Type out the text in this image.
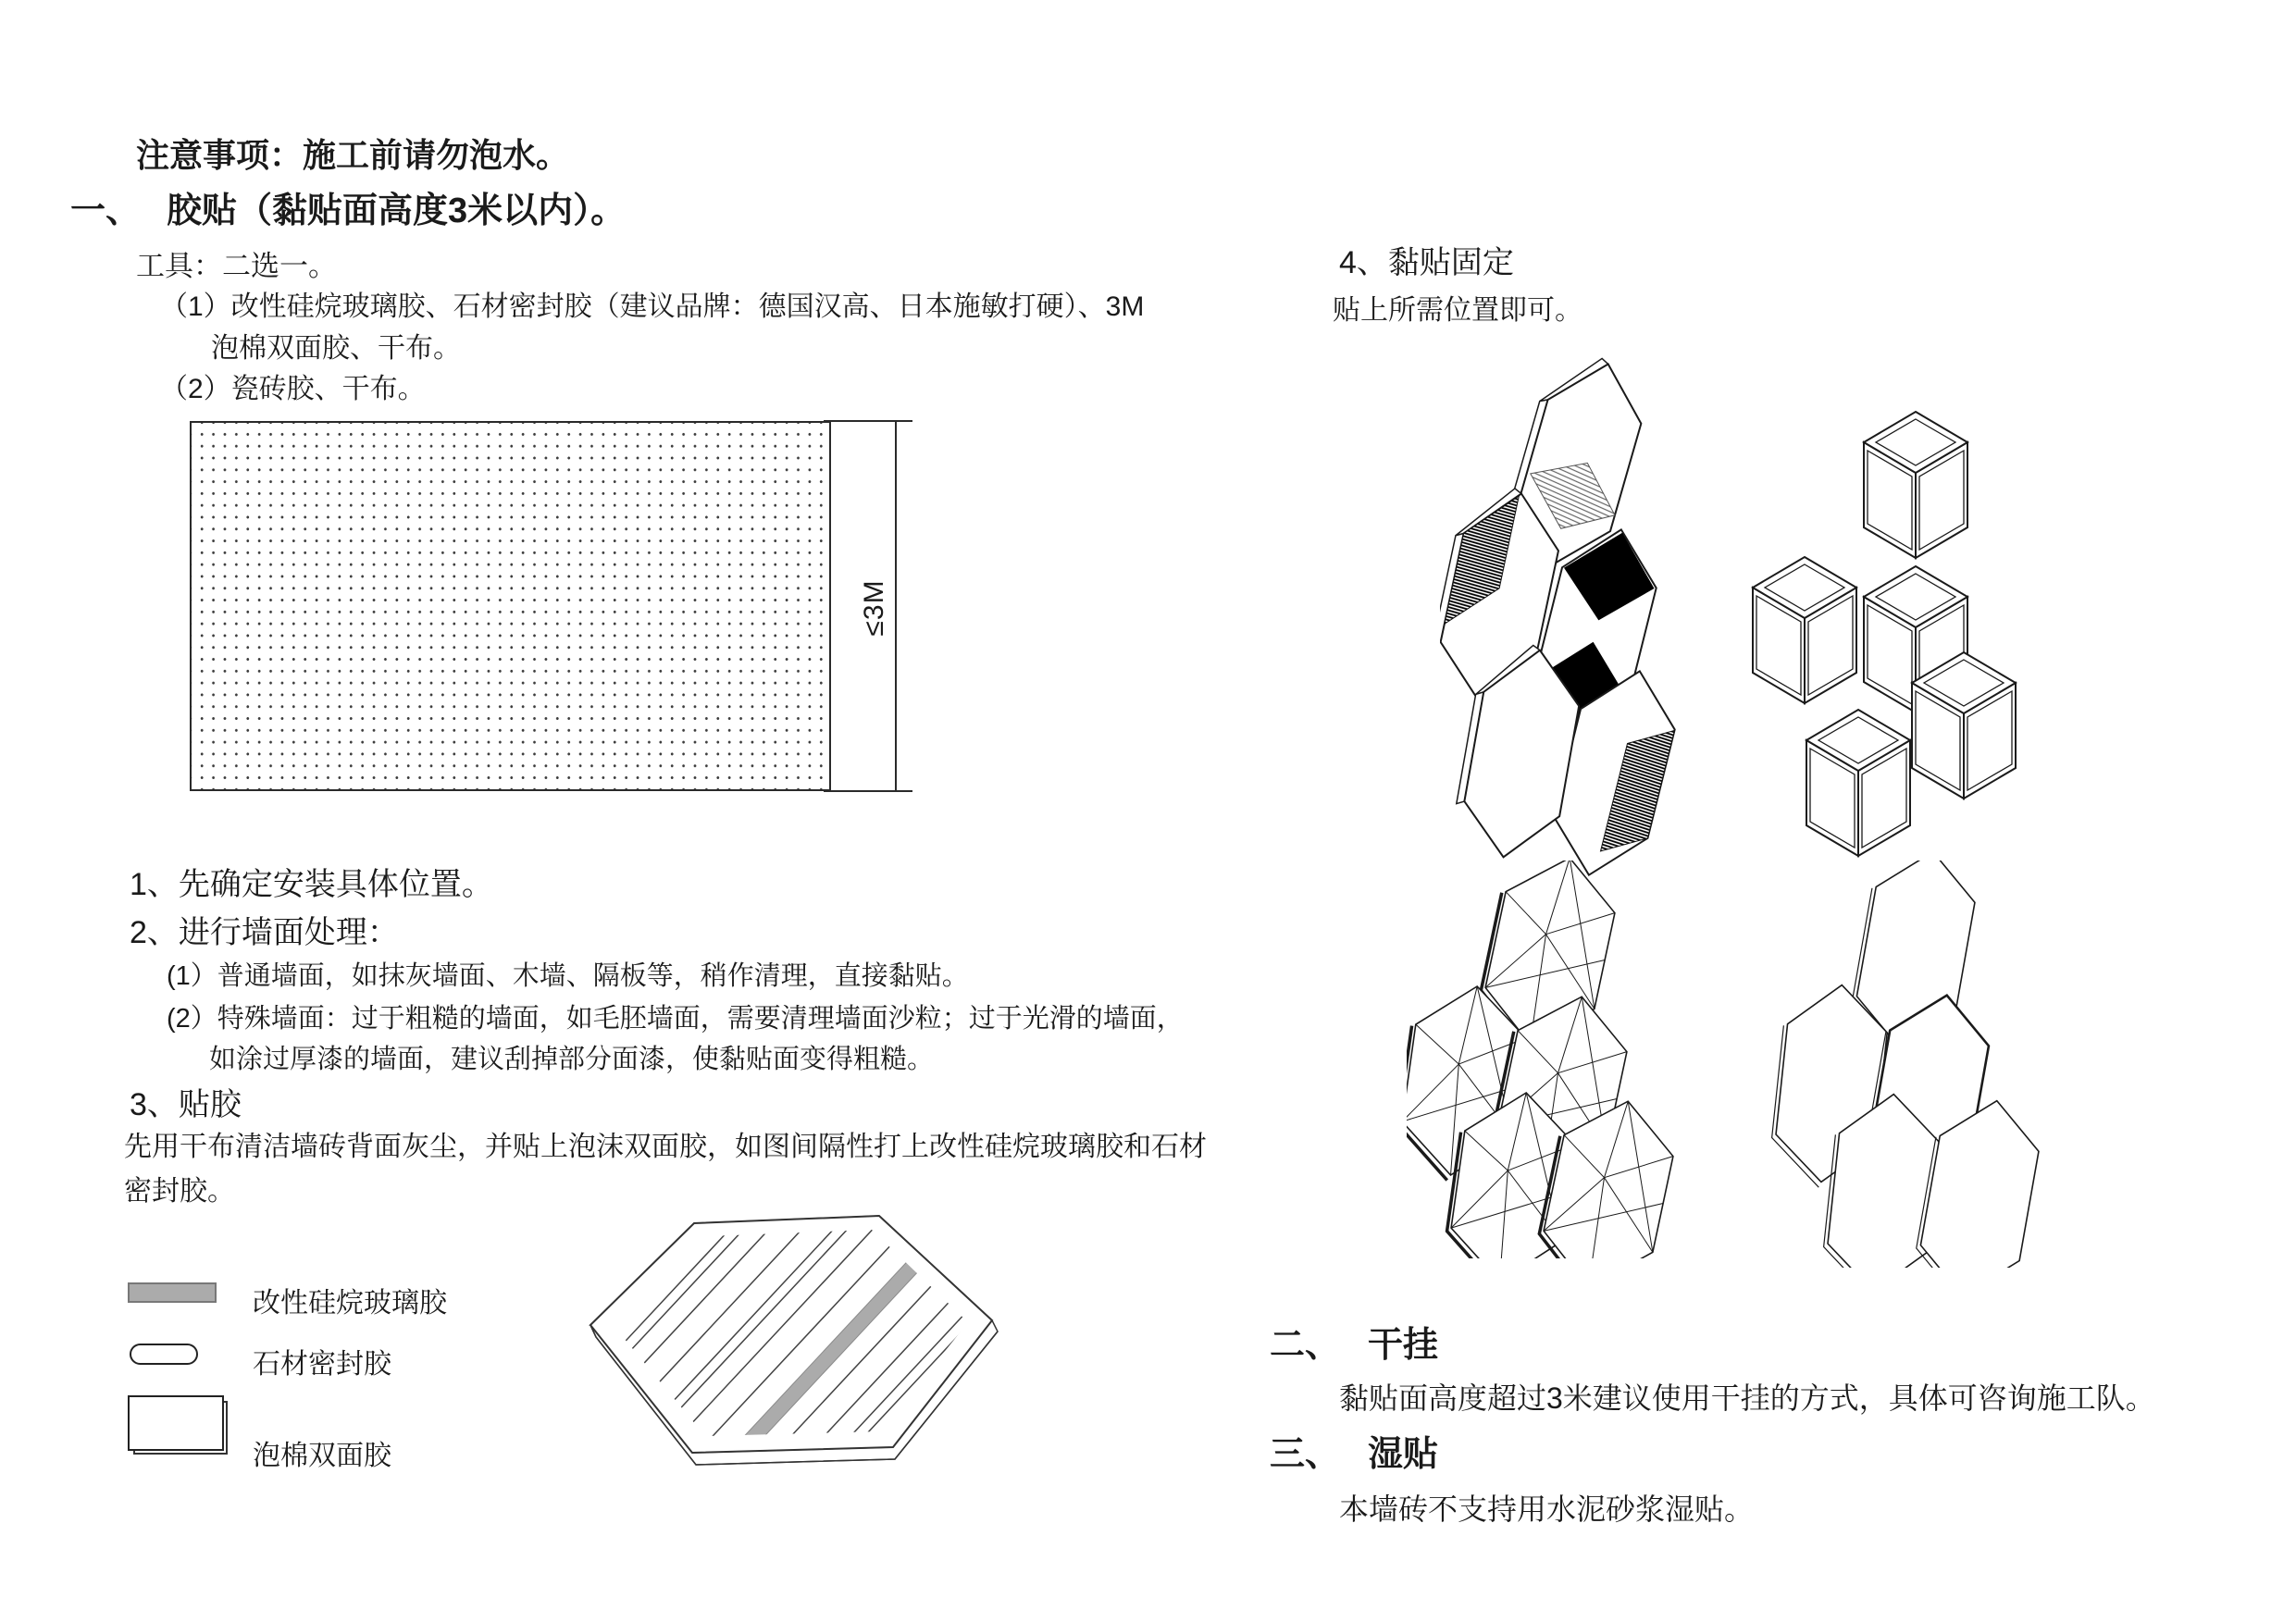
注意事项：施工前请勿泡水。
一、 胶贴（黏贴面高度3米以内）。
工具：二选一。
（1）改性硅烷玻璃胶、石材密封胶（建议品牌：德国汉高、日本施敏打硬）、3M
泡棉双面胶、干布。
（2）瓷砖胶、干布。
≤3M
1、先确定安装具体位置。
2、进行墙面处理：
(1）普通墙面，如抹灰墙面、木墙、隔板等，稍作清理，直接黏贴。
(2）特殊墙面：过于粗糙的墙面，如毛胚墙面，需要清理墙面沙粒；过于光滑的墙面，
如涂过厚漆的墙面，建议刮掉部分面漆，使黏贴面变得粗糙。
3、贴胶
先用干布清洁墙砖背面灰尘，并贴上泡沫双面胶，如图间隔性打上改性硅烷玻璃胶和石材
密封胶。
改性硅烷玻璃胶
石材密封胶
泡棉双面胶
4、黏贴固定
贴上所需位置即可。
二、 干挂
黏贴面高度超过3米建议使用干挂的方式，具体可咨询施工队。
三、 湿贴
本墙砖不支持用水泥砂浆湿贴。
